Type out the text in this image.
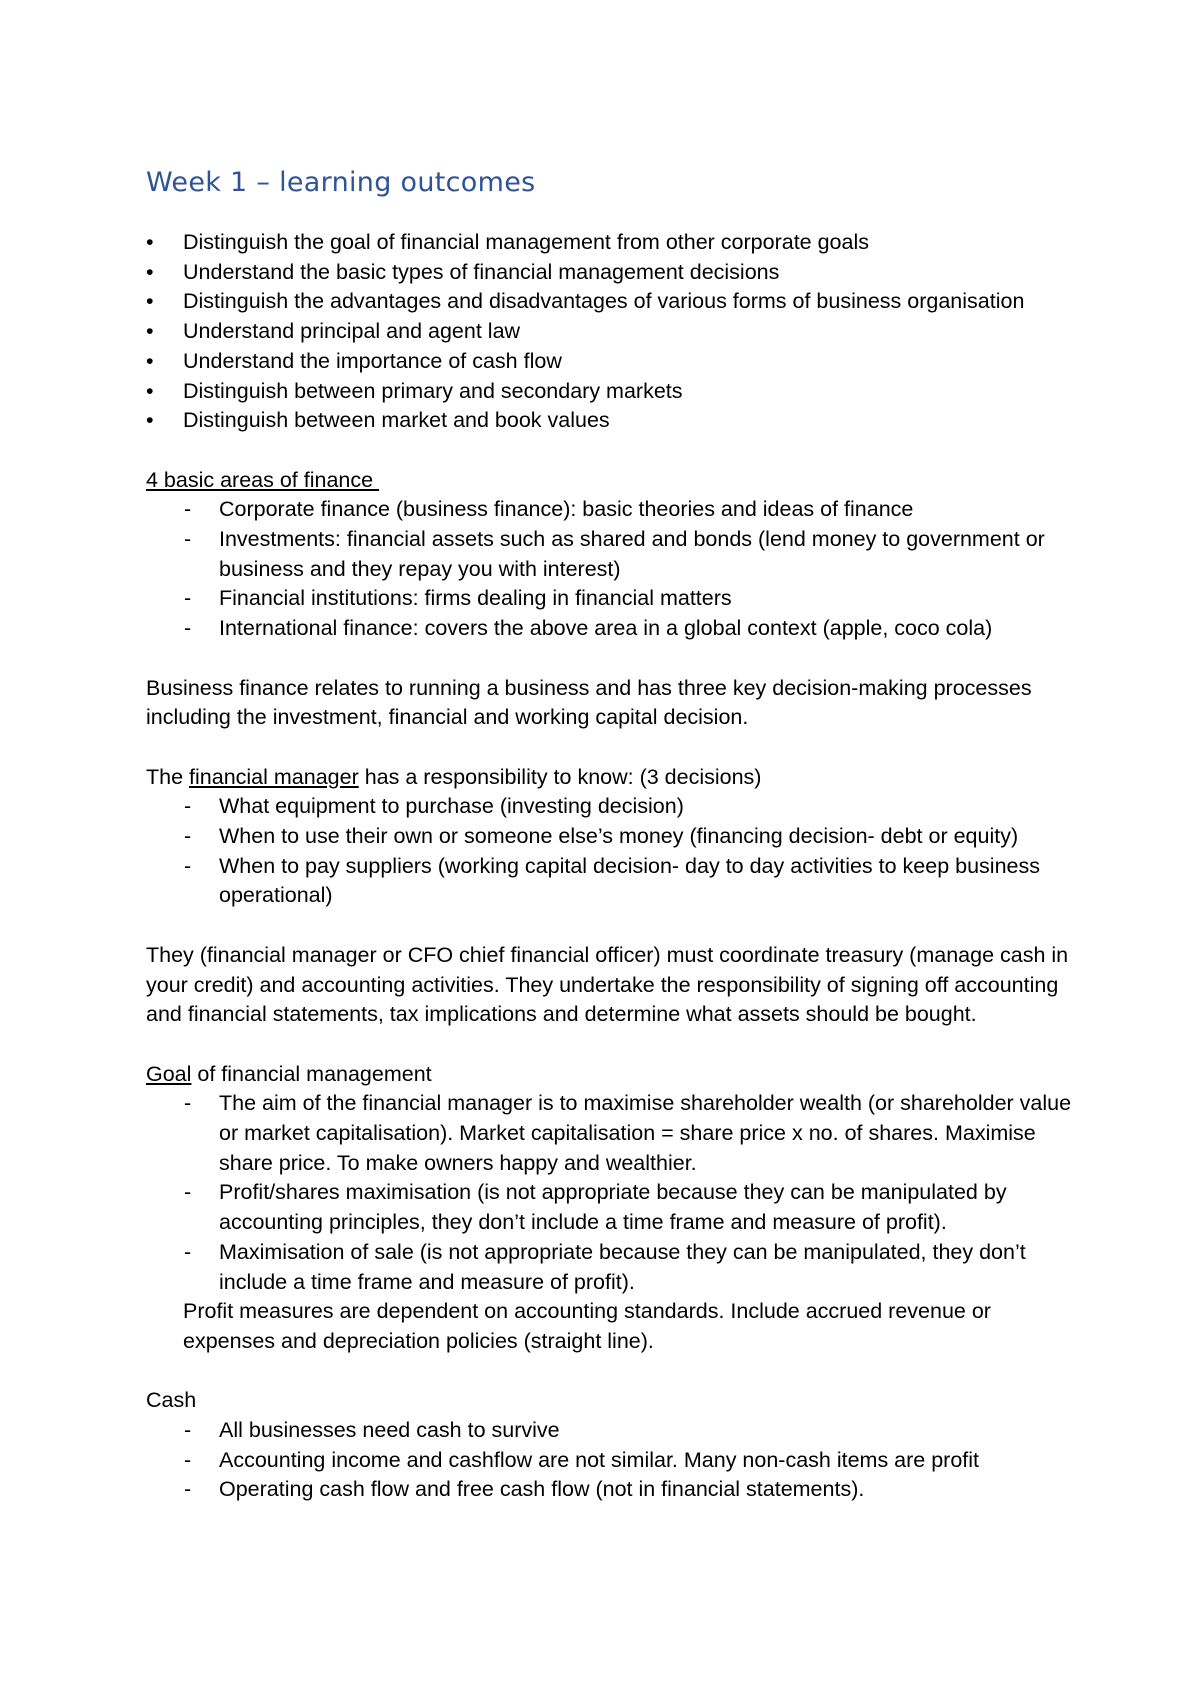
Week 1 – learning outcomes
•	Distinguish the goal of financial management from other corporate goals
•	Understand the basic types of financial management decisions
•	Distinguish the advantages and disadvantages of various forms of business organisation
•	Understand principal and agent law
•	Understand the importance of cash flow
•	Distinguish between primary and secondary markets
•	Distinguish between market and book values

4 basic areas of finance

-	Corporate finance (business finance): basic theories and ideas of finance
-	Investments: financial assets such as shared and bonds (lend money to government or business and they repay you with interest)
-	Financial institutions: firms dealing in financial matters
-	International finance: covers the above area in a global context (apple, coco cola)

Business finance relates to running a business and has three key decision-making processes including the investment, financial and working capital decision.

The financial manager has a responsibility to know: (3 decisions)

-	What equipment to purchase (investing decision)
-	When to use their own or someone else’s money (financing decision- debt or equity)
-	When to pay suppliers (working capital decision- day to day activities to keep business operational)

They (financial manager or CFO chief financial officer) must coordinate treasury (manage cash in your credit) and accounting activities. They undertake the responsibility of signing off accounting and financial statements, tax implications and determine what assets should be bought.

Goal of financial management

-	The aim of the financial manager is to maximise shareholder wealth (or shareholder value or market capitalisation). Market capitalisation = share price x no. of shares. Maximise share price. To make owners happy and wealthier.
-	Profit/shares maximisation (is not appropriate because they can be manipulated by accounting principles, they don’t include a time frame and measure of profit).
-	Maximisation of sale (is not appropriate because they can be manipulated, they don’t include a time frame and measure of profit).

Profit measures are dependent on accounting standards. Include accrued revenue or expenses and depreciation policies (straight line).

Cash

-	All businesses need cash to survive
-	Accounting income and cashflow are not similar. Many non-cash items are profit
-	Operating cash flow and free cash flow (not in financial statements).
